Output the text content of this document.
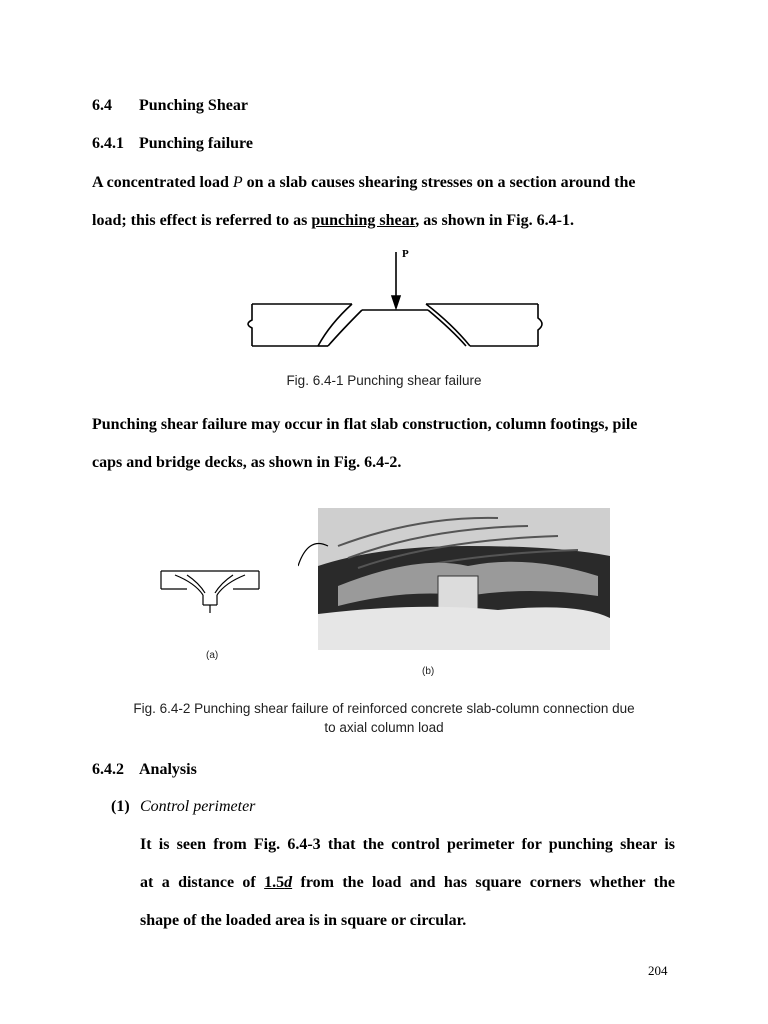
6.4 Punching Shear
6.4.1 Punching failure
A concentrated load P on a slab causes shearing stresses on a section around the
load; this effect is referred to as punching shear, as shown in Fig. 6.4-1.
P
Fig. 6.4-1 Punching shear failure
Punching shear failure may occur in flat slab construction, column footings, pile
caps and bridge decks, as shown in Fig. 6.4-2.
(a)
(b)
Fig. 6.4-2 Punching shear failure of reinforced concrete slab-column connection due
to axial column load
6.4.2 Analysis
(1) Control perimeter
It is seen from Fig. 6.4-3 that the control perimeter for punching shear is
at a distance of 1.5d from the load and has square corners whether the
shape of the loaded area is in square or circular.
204
